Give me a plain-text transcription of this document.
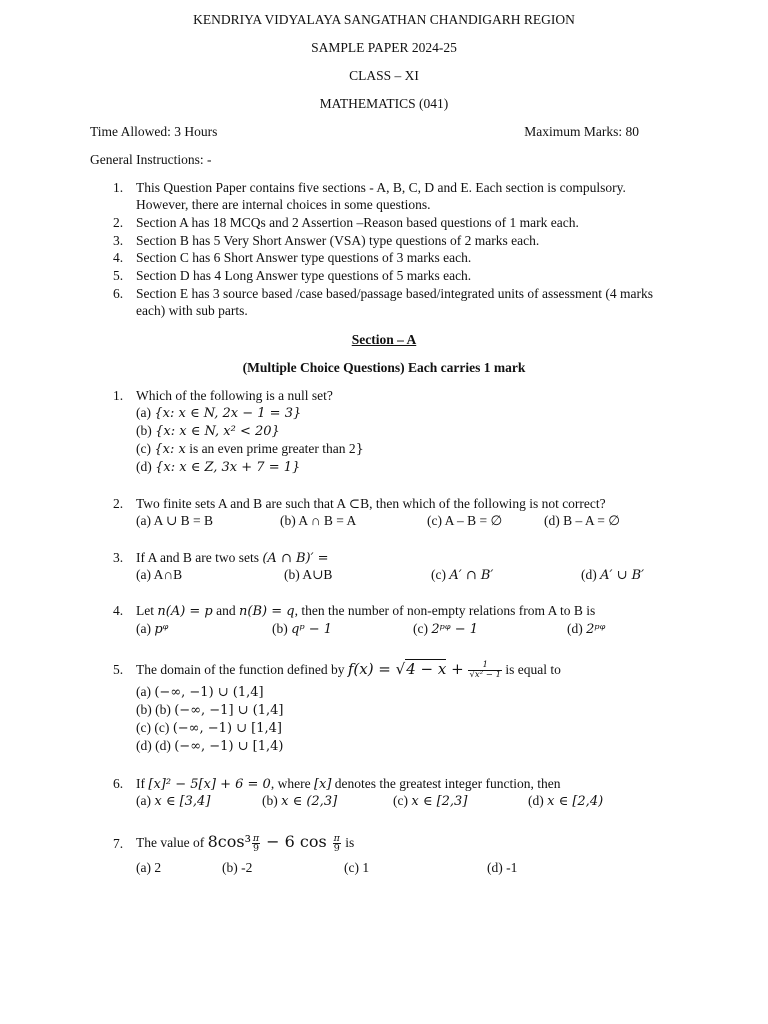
KENDRIYA VIDYALAYA SANGATHAN CHANDIGARH REGION
SAMPLE PAPER 2024-25
CLASS – XI
MATHEMATICS (041)
Time Allowed: 3 Hours	Maximum Marks: 80
General Instructions: -
1. This Question Paper contains five sections - A, B, C, D and E. Each section is compulsory.
However, there are internal choices in some questions.
2. Section A has 18 MCQs and 2 Assertion –Reason based questions of 1 mark each.
3. Section B has 5 Very Short Answer (VSA) type questions of 2 marks each.
4. Section C has 6 Short Answer type questions of 3 marks each.
5. Section D has 4 Long Answer type questions of 5 marks each.
6. Section E has 3 source based /case based/passage based/integrated units of assessment (4 marks
each) with sub parts.
Section – A
(Multiple Choice Questions) Each carries 1 mark
1. Which of the following is a null set?
(a) {x: x ∈ N, 2x − 1 = 3}
(b) {x: x ∈ N, x² < 20}
(c) {x: x is an even prime greater than 2}
(d) {x: x ∈ Z, 3x + 7 = 1}
2. Two finite sets A and B are such that A ⊂B, then which of the following is not correct?
(a) A ∪ B = B	(b) A ∩ B = A	(c) A – B = ∅	(d) B – A = ∅
3. If A and B are two sets (A ∩ B)′ =
(a) A∩B	(b) A∪B	(c) A′ ∩ B′	(d) A′ ∪ B′
4. Let n(A) = p and n(B) = q, then the number of non-empty relations from A to B is
(a) pᵠ	(b) qᵖ − 1	(c) 2ᵖᵠ − 1	(d) 2ᵖᵠ
5. The domain of the function defined by $f(x) = √4 - x + \frac{1}{\text{√x² − 1}}$ is equal to
(a) (−∞, −1) ∪ (1,4]
(b) (b) (−∞, −1] ∪ (1,4]
(c) (c) (−∞, −1) ∪ [1,4]
(d) (d) (−∞, −1) ∪ [1,4)
6. If [x]² − 5[x] + 6 = 0, where [x] denotes the greatest integer function, then
(a) x ∈ [3,4]	(b) x ∈ (2,3]	(c) x ∈ [2,3]	(d) x ∈ [2,4)
7. The value of $8\cos^3 \frac{\pi}{9} - 6$ $\cos \frac{\pi}{9}$ is
(a) 2	(b) -2	(c) 1	(d) -1
